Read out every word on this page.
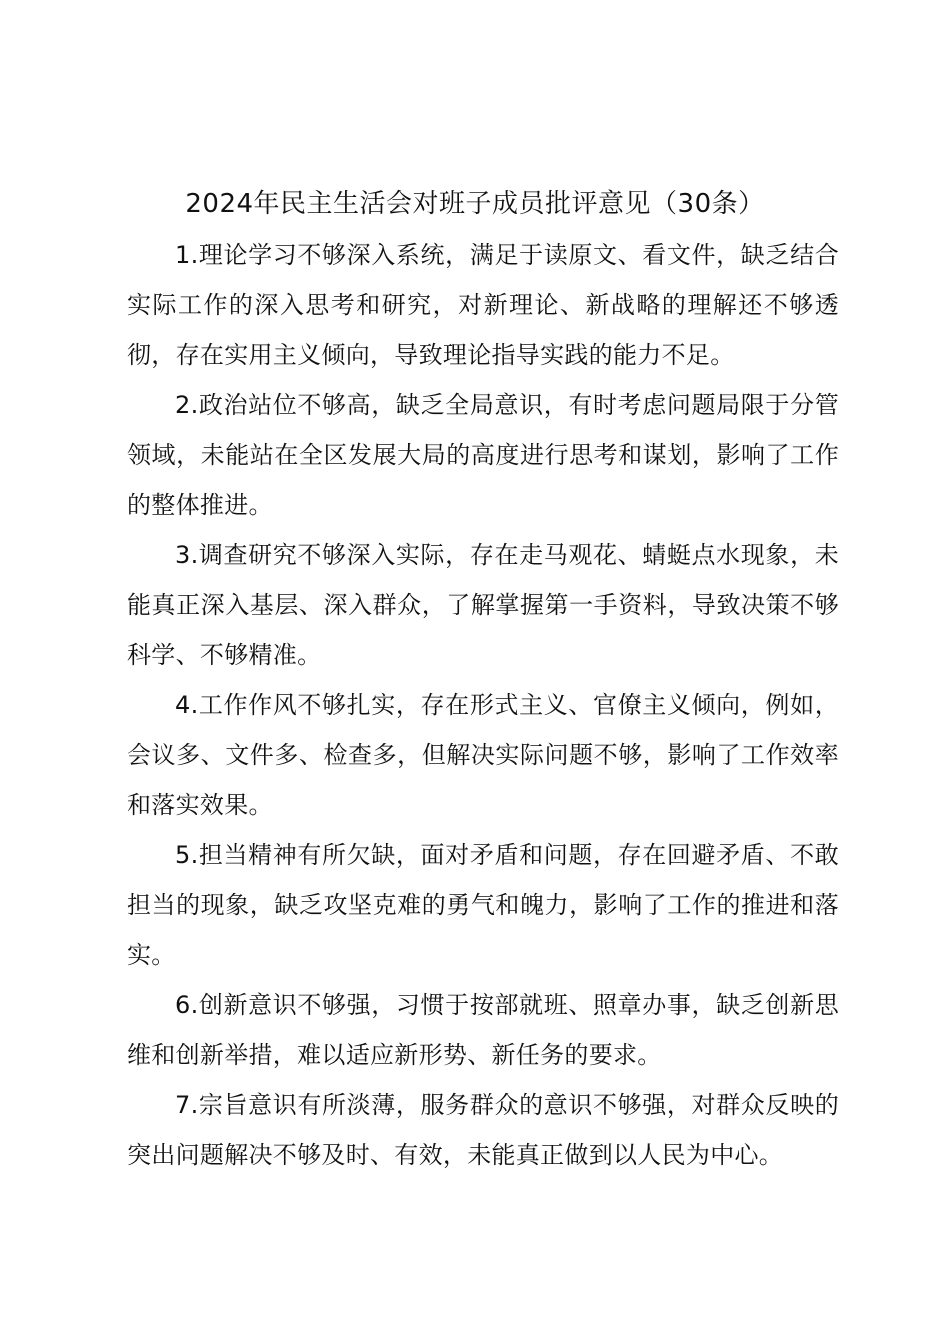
2024年民主生活会对班子成员批评意见（30条）

1.理论学习不够深入系统，满足于读原文、看文件，缺乏结合实际工作的深入思考和研究，对新理论、新战略的理解还不够透彻，存在实用主义倾向，导致理论指导实践的能力不足。

2.政治站位不够高，缺乏全局意识，有时考虑问题局限于分管领域，未能站在全区发展大局的高度进行思考和谋划，影响了工作的整体推进。

3.调查研究不够深入实际，存在走马观花、蜻蜓点水现象，未能真正深入基层、深入群众，了解掌握第一手资料，导致决策不够科学、不够精准。

4.工作作风不够扎实，存在形式主义、官僚主义倾向，例如，会议多、文件多、检查多，但解决实际问题不够，影响了工作效率和落实效果。

5.担当精神有所欠缺，面对矛盾和问题，存在回避矛盾、不敢担当的现象，缺乏攻坚克难的勇气和魄力，影响了工作的推进和落实。

6.创新意识不够强，习惯于按部就班、照章办事，缺乏创新思维和创新举措，难以适应新形势、新任务的要求。

7.宗旨意识有所淡薄，服务群众的意识不够强，对群众反映的突出问题解决不够及时、有效，未能真正做到以人民为中心。
